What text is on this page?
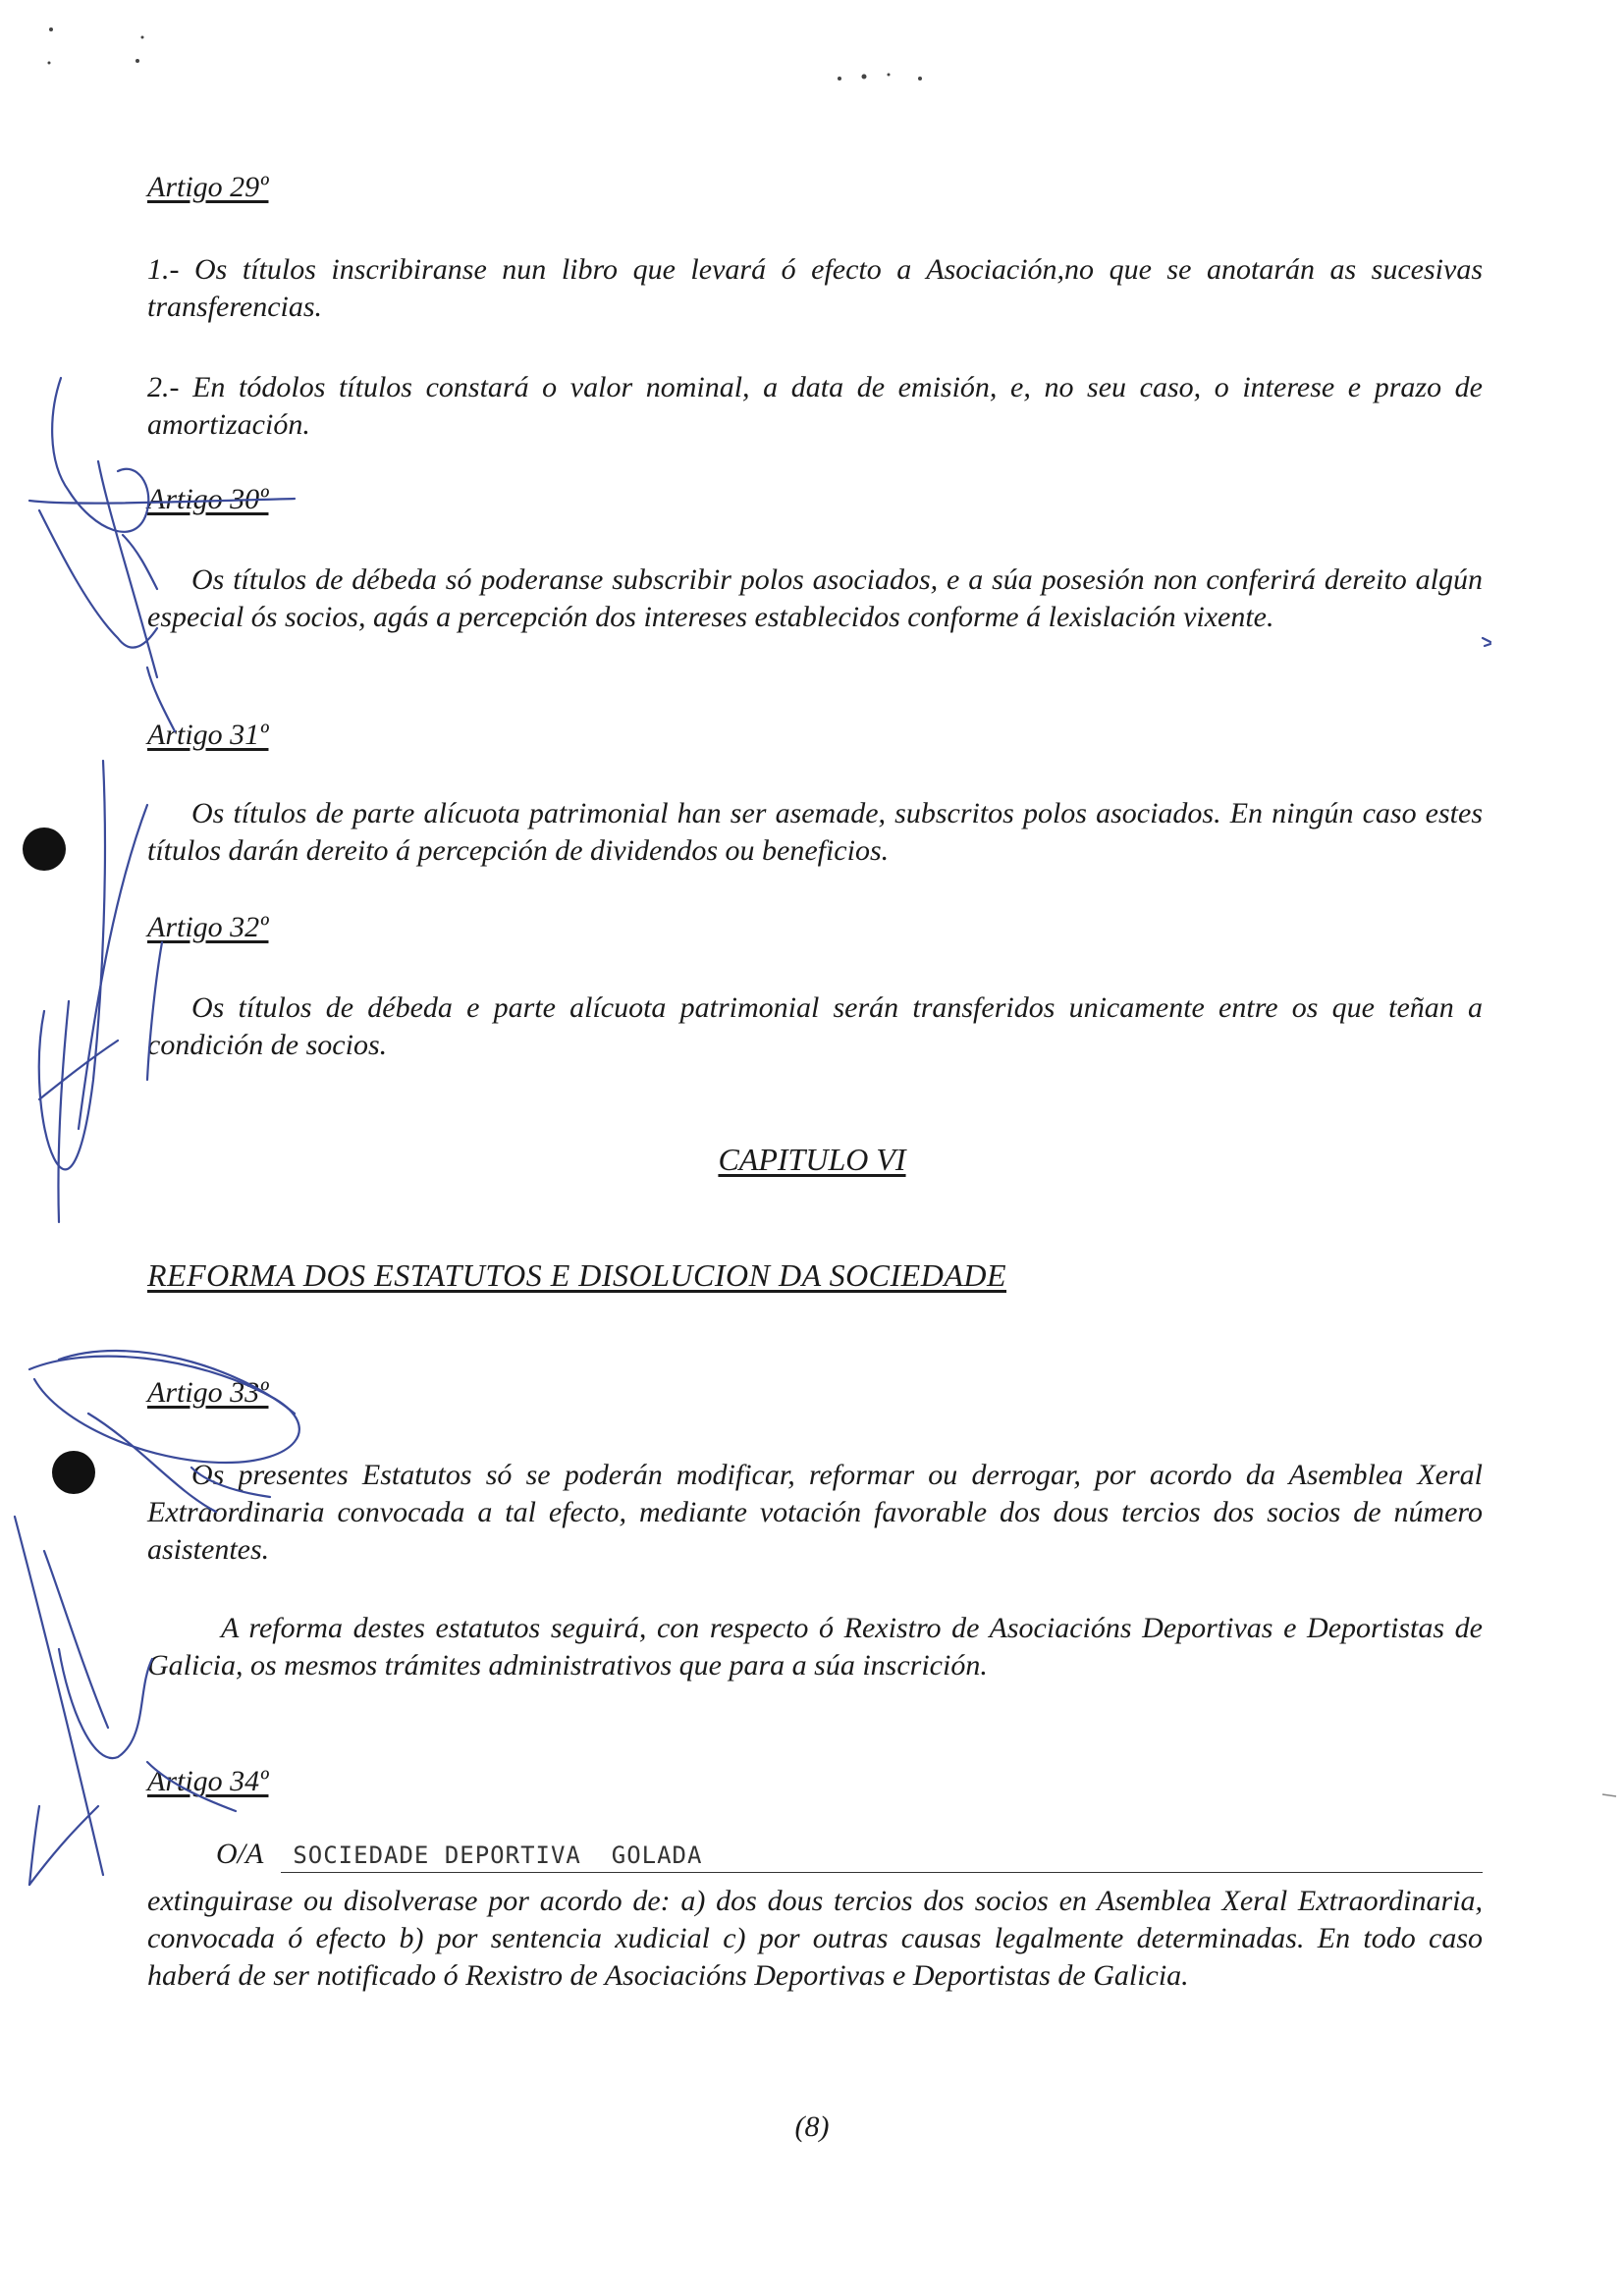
Artigo 29º
1.- Os títulos inscribiranse nun libro que levará ó efecto a Asociación,no que se anotarán as sucesivas transferencias.
2.- En tódolos títulos constará o valor nominal, a data de emisión, e, no seu caso, o interese e prazo de amortización.
Artigo 30º
Os títulos de débeda só poderanse subscribir polos asociados, e a súa posesión non conferirá dereito algún especial ós socios, agás a percepción dos intereses establecidos conforme á lexislación vixente.
Artigo 31º
Os títulos de parte alícuota patrimonial han ser asemade, subscritos polos asociados. En ningún caso estes títulos darán dereito á percepción de dividendos ou beneficios.
Artigo 32º
Os títulos de débeda e parte alícuota patrimonial serán transferidos unicamente entre os que teñan a condición de socios.
CAPITULO VI
REFORMA DOS ESTATUTOS E DISOLUCION DA SOCIEDADE
Artigo 33º
Os presentes Estatutos só se poderán modificar, reformar ou derrogar, por acordo da Asemblea Xeral Extraordinaria convocada a tal efecto, mediante votación favorable dos dous tercios dos socios de número asistentes.
A reforma destes estatutos seguirá, con respecto ó Rexistro de Asociacións Deportivas e Deportistas de Galicia, os mesmos trámites administrativos que para a súa inscrición.
Artigo 34º
O/A	SOCIEDADE DEPORTIVA  GOLADA
extinguirase ou disolverase por acordo de: a) dos dous tercios dos socios en Asemblea Xeral Extraordinaria, convocada ó efecto b) por sentencia xudicial c) por outras causas legalmente determinadas. En todo caso haberá de ser notificado ó Rexistro de Asociacións Deportivas e Deportistas de Galicia.
(8)
